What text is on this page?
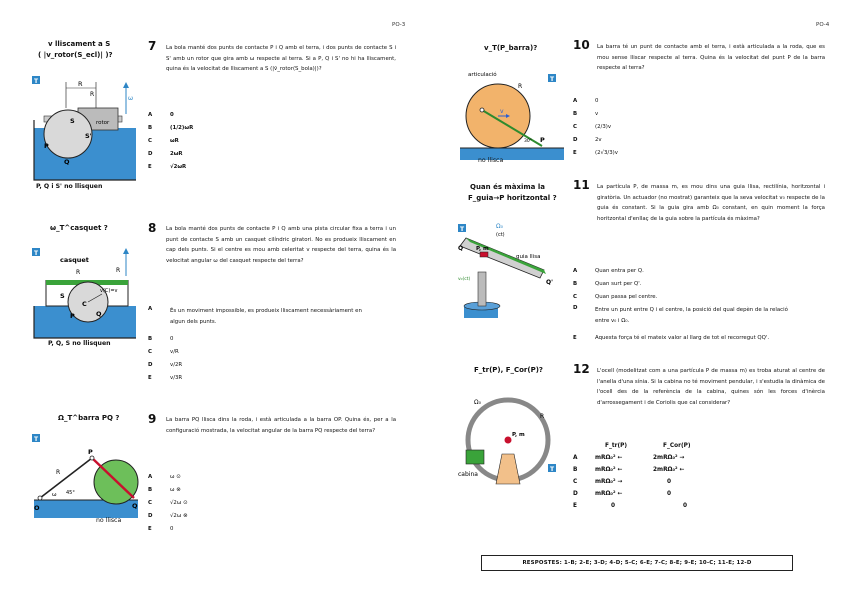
PO-3	PO-4
v lliscament a S
( |v_rotor(S_ecl)| )?
T	R
R
rotor
ω
S
S'
P
Q
P, Q i S' no llisquen
7 La bola manté dos punts de contacte P i Q amb el terra, i dos punts de contacte S i S' amb un rotor que gira amb ω respecte al terra. Si a P, Q i S' no hi ha lliscament, quina és la velocitat de lliscament a S (|v̄_rotor(S_bola)|)?
A	0
B	(1/2)ωR
C	ωR
D	2ωR
E	√2ωR
ω_T^casquet ?
T
casquet
R	R
C
S
P	Q
v(C)=v
P, Q, S no llisquen
8 La bola manté dos punts de contacte P i Q amb una pista circular fixa a terra i un punt de contacte S amb un casquet cilíndric giratori. No es produeix lliscament en cap dels punts. Si el centre es mou amb celeritat v respecte del terra, quina és la velocitat angular ω del casquet respecte del terra?
A	És un moviment impossible, es produeix lliscament necessàriament en algun dels punts.
B	0
C	v/R
D	v/2R
E	v/3R
Ω_T^barra PQ ?
T
R
P
Q
O
ω 45°
no llisca
9 La barra PQ llisca dins la roda, i està articulada a la barra OP. Quina és, per a la configuració mostrada, la velocitat angular de la barra PQ respecte del terra?
A	ω ⊙
B	ω ⊗
C	√2ω ⊙
D	√2ω ⊗
E	0
v_T(P_barra)?
T
articulació
R
v
P
30°
no llisca
10 La barra té un punt de contacte amb el terra, i està articulada a la roda, que es mou sense lliscar respecte al terra. Quina és la velocitat del punt P de la barra respecte al terra?
A	0
B	v
C	(2/3)v
D	2v
E	(2√3/3)v
Quan és màxima la
F_guia→P horitzontal ?
T	Ω₀
(ct)
P, m
Q
Q'
guia llisa
v₀(ct)
11 La partícula P, de massa m, es mou dins una guia llisa, rectilínia, horitzontal i giratòria. Un actuador (no mostrat) garanteix que la seva velocitat v₀ respecte de la guia és constant. Si la guia gira amb Ω₀ constant, en quin moment la força horitzontal d'enllaç de la guia sobre la partícula és màxima?
A	Quan entra per Q.
B	Quan surt per Q'.
C	Quan passa pel centre.
D	Entre un punt entre Q i el centre, la posició del qual depèn de la relació entre v₀ i Ω₀.
E	Aquesta força té el mateix valor al llarg de tot el recorregut QQ'.
F_tr(P), F_Cor(P)?
T
Ω₀
R
P, m
cabina
12 L'ocell (modelitzat com a una partícula P de massa m) es troba aturat al centre de l'anella d'una sínia. Si la cabina no té moviment pendular, i s'estudia la dinàmica de l'ocell des de la referència de la cabina, quines són les forces d'inèrcia d'arrossegament i de Coriolis que cal considerar?
F_tr(P)	F_Cor(P)
A	mRΩ₀² ←	2mRΩ₀² →
B	mRΩ₀² ←	2mRΩ₀² ←
C	mRΩ₀² →	0
D	mRΩ₀² ←	0
E	0	0
RESPOSTES: 1-B; 2-E; 3-D; 4-D; 5-C; 6-E; 7-C; 8-E; 9-E; 10-C; 11-E; 12-D
